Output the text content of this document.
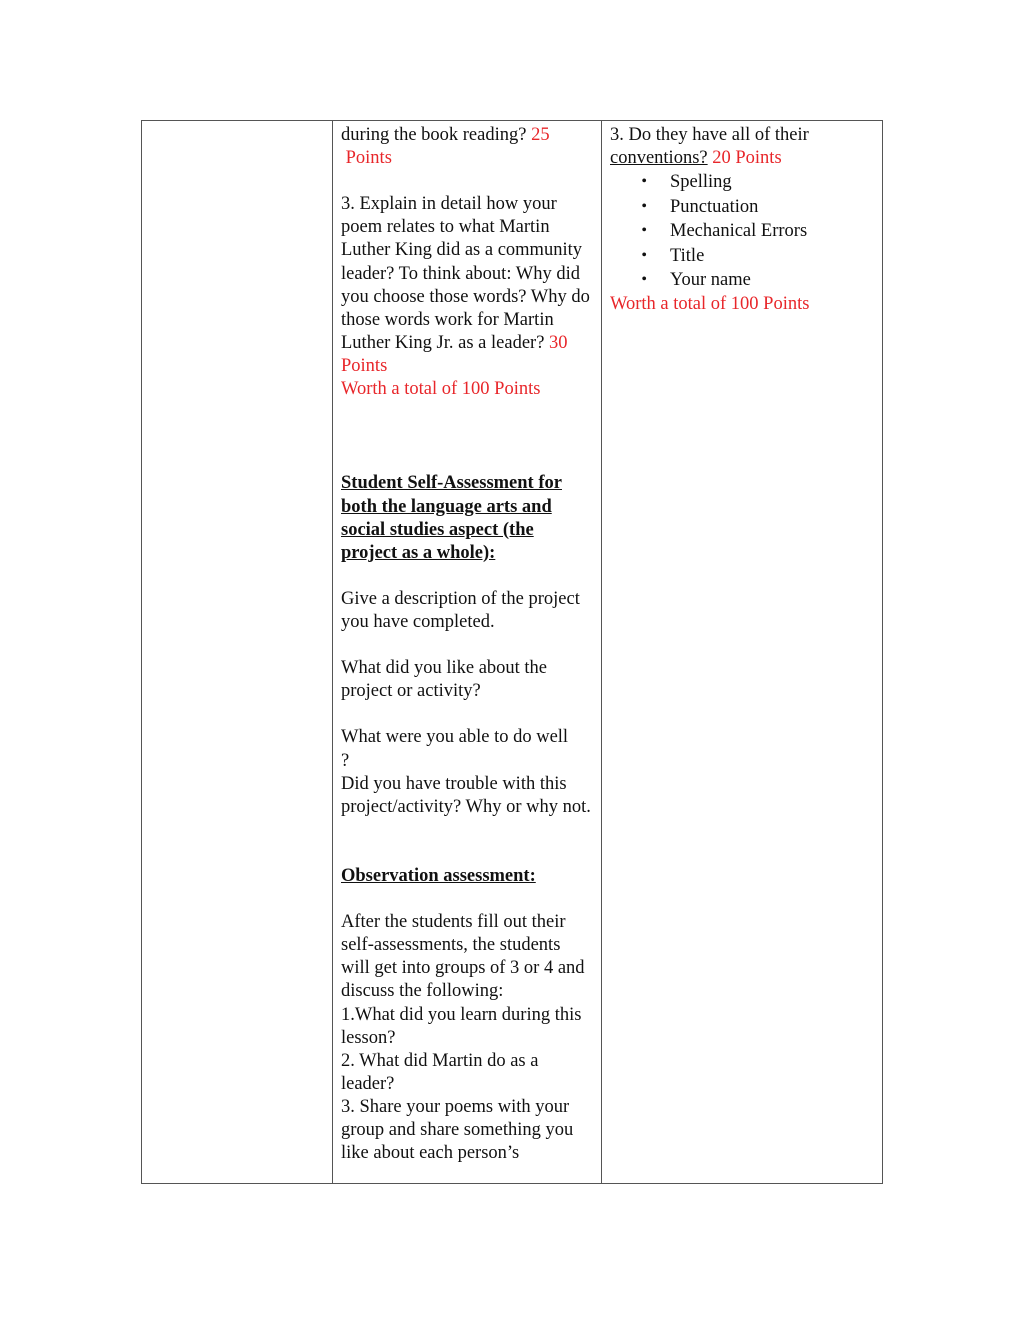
during the book reading? 25
Points

3. Explain in detail how your poem relates to what Martin Luther King did as a community leader? To think about: Why did you choose those words? Why do those words work for Martin Luther King Jr. as a leader? 30 Points

Worth a total of 100 Points

Student Self-Assessment for both the language arts and social studies aspect (the project as a whole):

Give a description of the project you have completed.

What did you like about the project or activity?

What were you able to do well
?

Did you have trouble with this project/activity? Why or why not.

Observation assessment:

After the students fill out their self-assessments, the students will get into groups of 3 or 4 and discuss the following:

1.What did you learn during this lesson?

2. What did Martin do as a leader?

3. Share your poems with your group and share something you like about each person’s

3. Do they have all of their
conventions? 20 Points

•	Spelling
•	Punctuation
•	Mechanical Errors
•	Title
•	Your name

Worth a total of 100 Points
